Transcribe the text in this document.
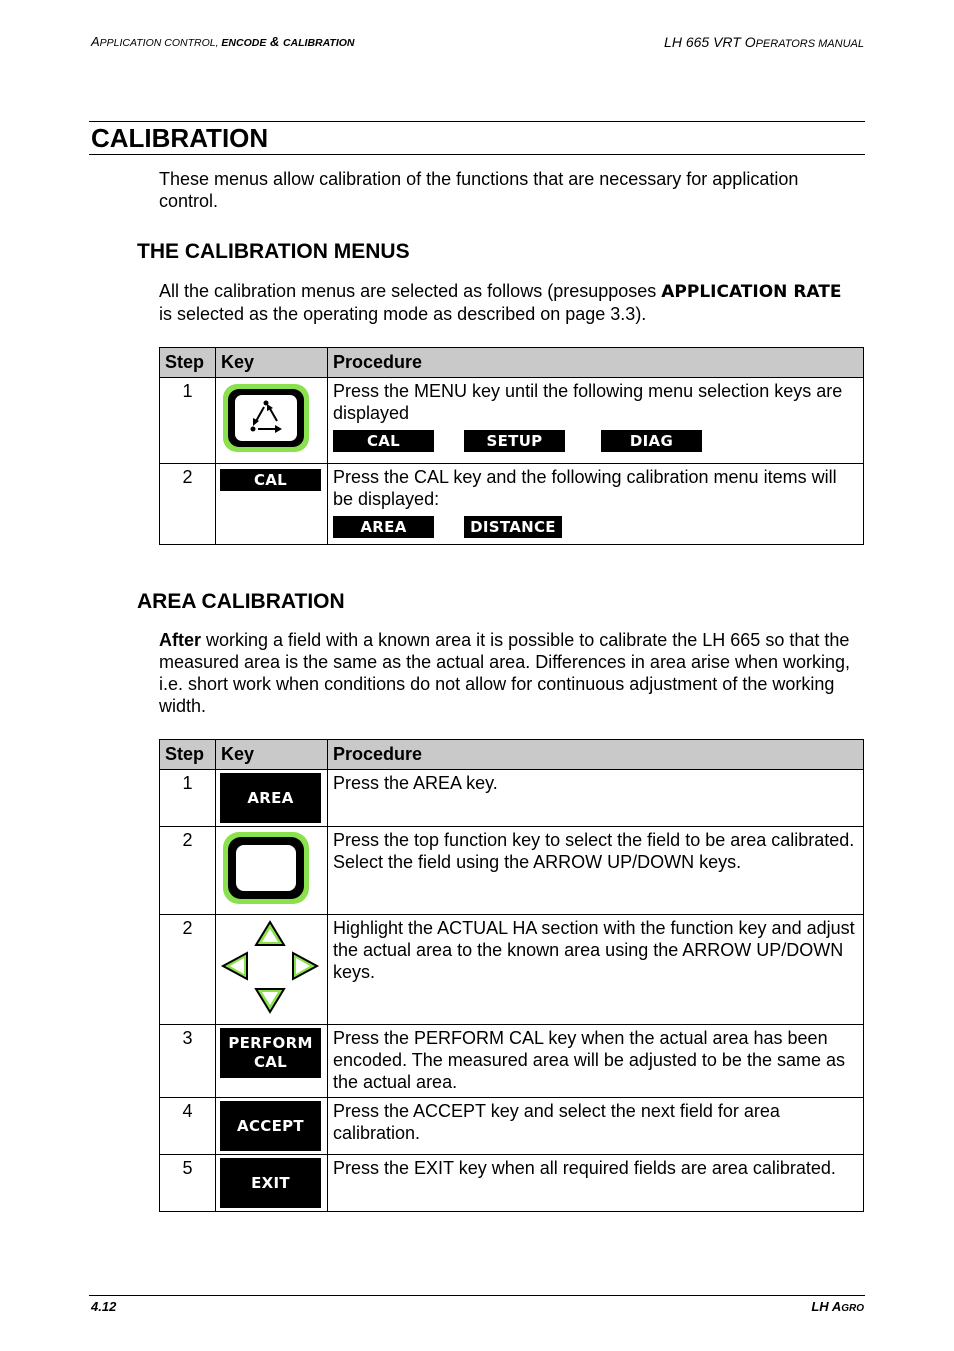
APPLICATION CONTROL, ENCODE & CALIBRATION	LH 665 VRT OPERATORS MANUAL
CALIBRATION
These menus allow calibration of the functions that are necessary for application control.
THE CALIBRATION MENUS
All the calibration menus are selected as follows (presupposes APPLICATION RATE is selected as the operating mode as described on page 3.3).
Step	Key	Procedure
1		Press the MENU key until the following menu selection keys are displayed
CAL SETUP DIAG

2	CAL	Press the CAL key and the following calibration menu items will be displayed:
AREA DISTANCE
AREA CALIBRATION
After working a field with a known area it is possible to calibrate the LH 665 so that the measured area is the same as the actual area. Differences in area arise when working, i.e. short work when conditions do not allow for continuous adjustment of the working width.
Step	Key	Procedure
1	AREA	Press the AREA key.
2		Press the top function key to select the field to be area calibrated. Select the field using the ARROW UP/DOWN keys.
2		Highlight the ACTUAL HA section with the function key and adjust the actual area to the known area using the ARROW UP/DOWN keys.
3	PERFORM
CAL	Press the PERFORM CAL key when the actual area has been encoded. The measured area will be adjusted to be the same as the actual area.
4	ACCEPT	Press the ACCEPT key and select the next field for area calibration.
5	EXIT	Press the EXIT key when all required fields are area calibrated.
4.12	LH AGRO
